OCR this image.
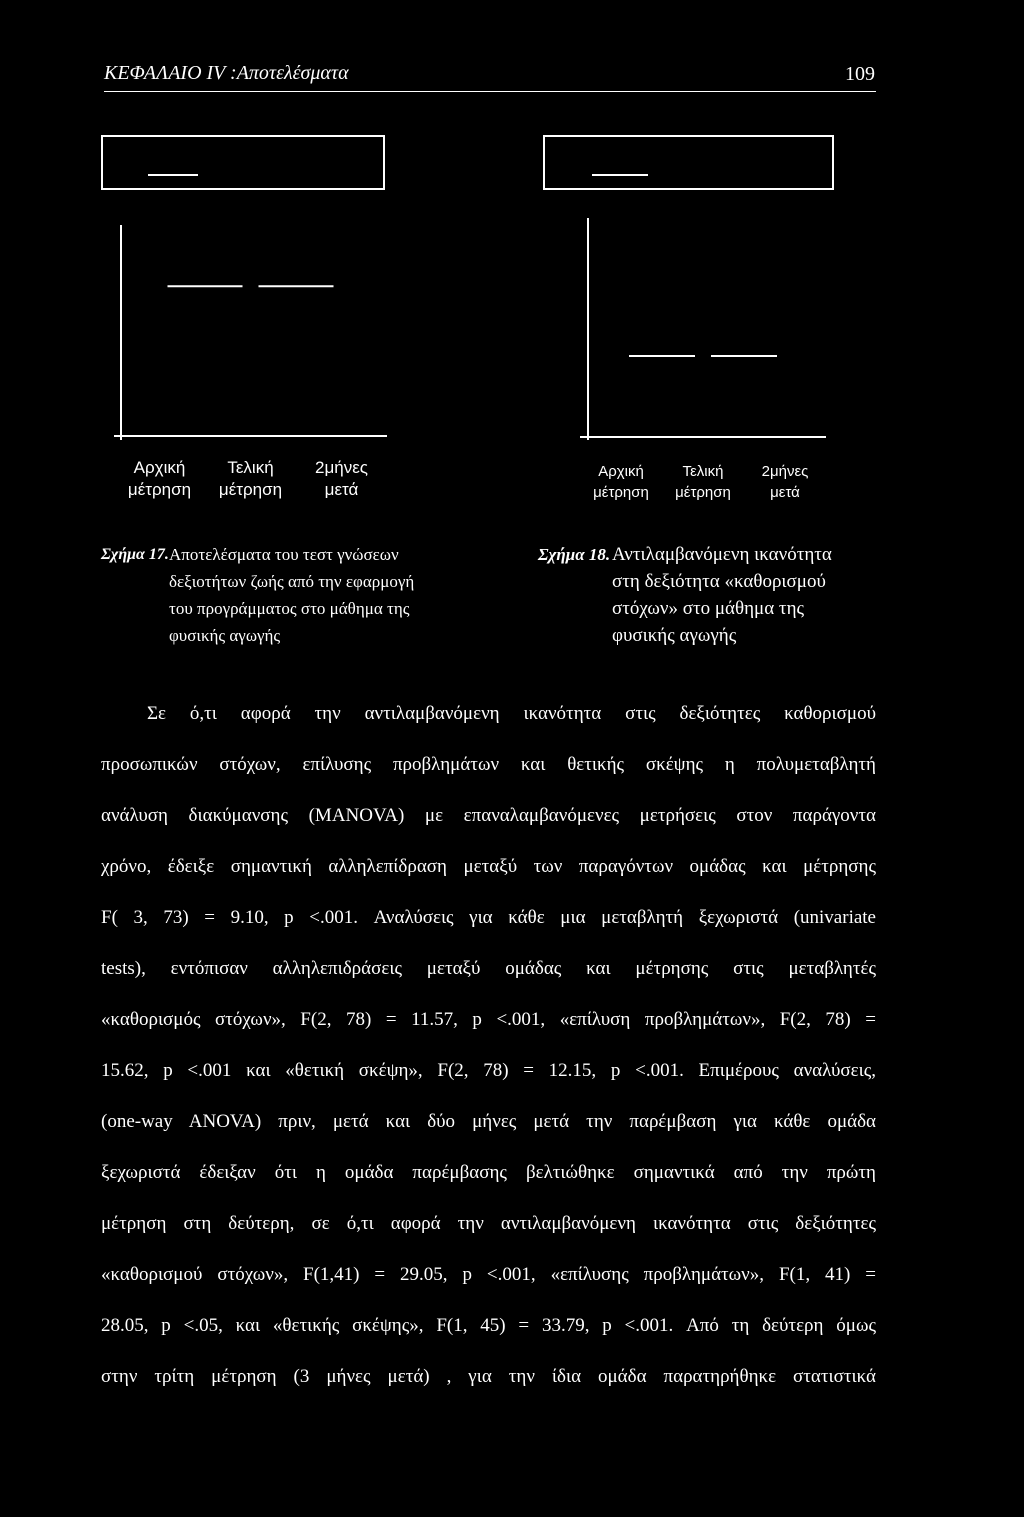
ΚΕΦΑΛΑΙΟ IV :Αποτελέσματα	109
Αρχική μέτρηση
Τελική μέτρηση
2μήνες μετά
Αρχική μέτρηση
Τελική μέτρηση
2μήνες μετά
Σχήμα 17. Αποτελέσματα του τεστ γνώσεων
δεξιοτήτων ζωής από την εφαρμογή
του προγράμματος στο μάθημα της
φυσικής αγωγής
Σχήμα 18. Αντιλαμβανόμενη ικανότητα
στη δεξιότητα «καθορισμού
στόχων» στο μάθημα της
φυσικής αγωγής
Σε ό,τι αφορά την αντιλαμβανόμενη ικανότητα στις δεξιότητες καθορισμού
προσωπικών στόχων, επίλυσης προβλημάτων και θετικής σκέψης η πολυμεταβλητή
ανάλυση διακύμανσης (MANOVA) με επαναλαμβανόμενες μετρήσεις στον παράγοντα
χρόνο, έδειξε σημαντική αλληλεπίδραση μεταξύ των παραγόντων ομάδας και μέτρησης
F( 3, 73) = 9.10, p <.001. Αναλύσεις για κάθε μια μεταβλητή ξεχωριστά (univariate
tests), εντόπισαν αλληλεπιδράσεις μεταξύ ομάδας και μέτρησης στις μεταβλητές
«καθορισμός στόχων», F(2, 78) = 11.57, p <.001, «επίλυση προβλημάτων», F(2, 78) =
15.62, p <.001 και «θετική σκέψη», F(2, 78) = 12.15, p <.001. Επιμέρους αναλύσεις,
(one-way ANOVA) πριν, μετά και δύο μήνες μετά την παρέμβαση για κάθε ομάδα
ξεχωριστά έδειξαν ότι η ομάδα παρέμβασης βελτιώθηκε σημαντικά από την πρώτη
μέτρηση στη δεύτερη, σε ό,τι αφορά την αντιλαμβανόμενη ικανότητα στις δεξιότητες
«καθορισμού στόχων», F(1,41) = 29.05, p <.001, «επίλυσης προβλημάτων», F(1, 41) =
28.05, p <.05, και «θετικής σκέψης», F(1, 45) = 33.79, p <.001. Από τη δεύτερη όμως
στην τρίτη μέτρηση (3 μήνες μετά) , για την ίδια ομάδα παρατηρήθηκε στατιστικά
